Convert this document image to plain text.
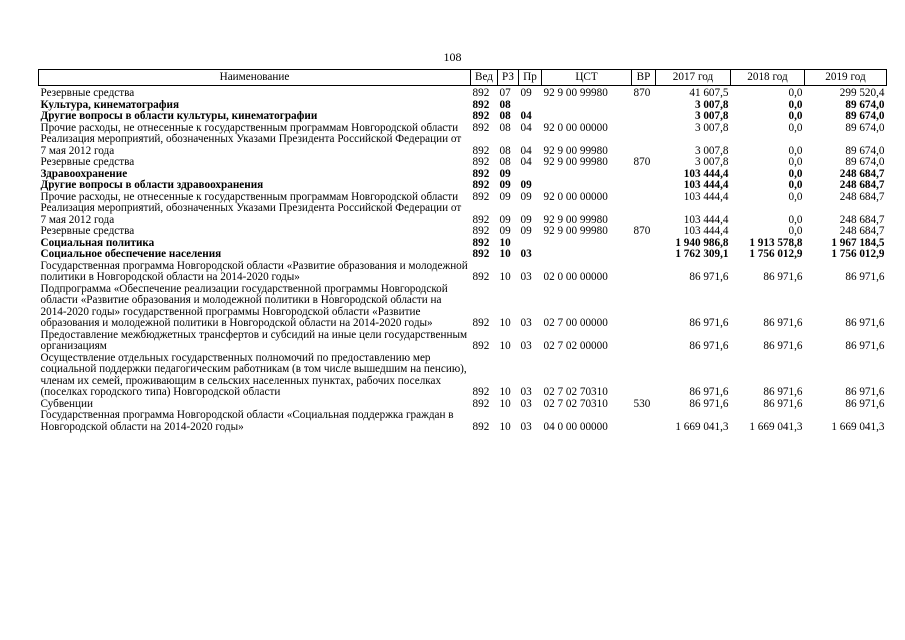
108
Наименование	Вед	РЗ	Пр	ЦСТ	ВР	2017 год	2018 год	2019 год
Резервные средства	892	07	09	92 9 00 99980	870	41 607,5	0,0	299 520,4
Культура, кинематография	892	08				3 007,8	0,0	89 674,0
Другие вопросы в области культуры, кинематографии	892	08	04			3 007,8	0,0	89 674,0
Прочие расходы, не отнесенные к государственным программам Новгородской области	892	08	04	92 0 00 00000		3 007,8	0,0	89 674,0
Реализация мероприятий, обозначенных Указами Президента Российской Федерации от 7 мая 2012 года	892	08	04	92 9 00 99980		3 007,8	0,0	89 674,0
Резервные средства	892	08	04	92 9 00 99980	870	3 007,8	0,0	89 674,0
Здравоохранение	892	09				103 444,4	0,0	248 684,7
Другие вопросы в области здравоохранения	892	09	09			103 444,4	0,0	248 684,7
Прочие расходы, не отнесенные к государственным программам Новгородской области	892	09	09	92 0 00 00000		103 444,4	0,0	248 684,7
Реализация мероприятий, обозначенных Указами Президента Российской Федерации от 7 мая 2012 года	892	09	09	92 9 00 99980		103 444,4	0,0	248 684,7
Резервные средства	892	09	09	92 9 00 99980	870	103 444,4	0,0	248 684,7
Социальная политика	892	10				1 940 986,8	1 913 578,8	1 967 184,5
Социальное обеспечение населения	892	10	03			1 762 309,1	1 756 012,9	1 756 012,9
Государственная программа Новгородской области «Развитие образования и молодежной политики в Новгородской области на 2014-2020 годы»	892	10	03	02 0 00 00000		86 971,6	86 971,6	86 971,6
Подпрограмма «Обеспечение реализации государственной программы Новгородской области «Развитие образования и молодежной политики в Новгородской области на 2014-2020 годы» государственной программы Новгородской области «Развитие образования и молодежной политики в Новгородской области на 2014-2020 годы»	892	10	03	02 7 00 00000		86 971,6	86 971,6	86 971,6
Предоставление межбюджетных трансфертов и субсидий на иные цели государственным организациям	892	10	03	02 7 02 00000		86 971,6	86 971,6	86 971,6
Осуществление отдельных государственных полномочий по предоставлению мер социальной поддержки педагогическим работникам (в том числе вышедшим на пенсию), членам их семей, проживающим в сельских населенных пунктах, рабочих поселках (поселках городского типа) Новгородской области	892	10	03	02 7 02 70310		86 971,6	86 971,6	86 971,6
Субвенции	892	10	03	02 7 02 70310	530	86 971,6	86 971,6	86 971,6
Государственная программа Новгородской области «Социальная поддержка граждан в Новгородской области на 2014-2020 годы»	892	10	03	04 0 00 00000		1 669 041,3	1 669 041,3	1 669 041,3
